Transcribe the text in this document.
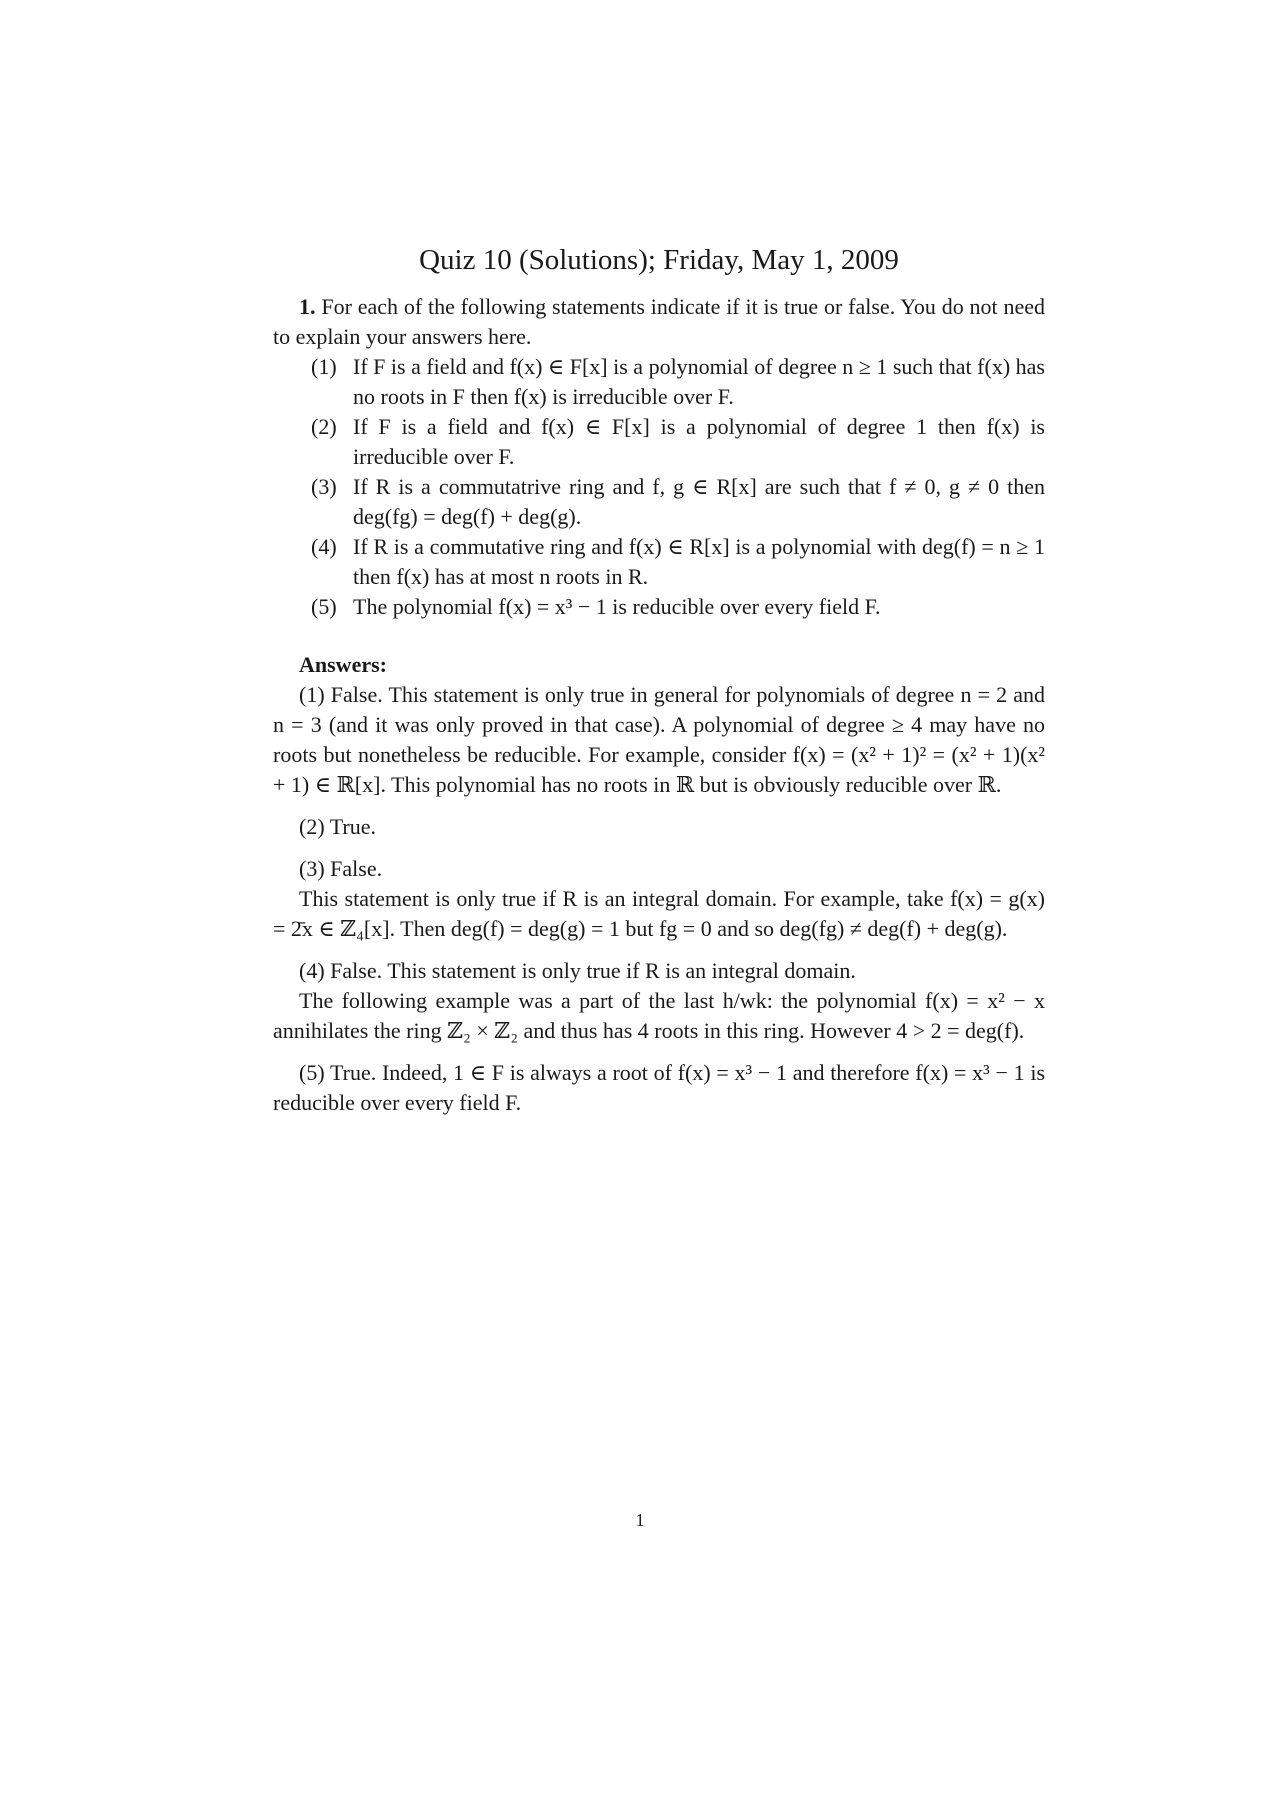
Quiz 10 (Solutions); Friday, May 1, 2009

1. For each of the following statements indicate if it is true or false. You do not need to explain your answers here.

(1) If F is a field and f(x) ∈ F[x] is a polynomial of degree n ≥ 1 such that f(x) has no roots in F then f(x) is irreducible over F.
(2) If F is a field and f(x) ∈ F[x] is a polynomial of degree 1 then f(x) is irreducible over F.
(3) If R is a commutatrive ring and f, g ∈ R[x] are such that f ≠ 0, g ≠ 0 then deg(fg) = deg(f) + deg(g).
(4) If R is a commutative ring and f(x) ∈ R[x] is a polynomial with deg(f) = n ≥ 1 then f(x) has at most n roots in R.
(5) The polynomial f(x) = x³ − 1 is reducible over every field F.

Answers:

(1) False. This statement is only true in general for polynomials of degree n = 2 and n = 3 (and it was only proved in that case). A polynomial of degree ≥ 4 may have no roots but nonetheless be reducible. For example, consider f(x) = (x² + 1)² = (x² + 1)(x² + 1) ∈ ℝ[x]. This polynomial has no roots in ℝ but is obviously reducible over ℝ.

(2) True.

(3) False.

This statement is only true if R is an integral domain. For example, take f(x) = g(x) = 2̄x ∈ ℤ₄[x]. Then deg(f) = deg(g) = 1 but fg = 0 and so deg(fg) ≠ deg(f) + deg(g).

(4) False. This statement is only true if R is an integral domain.

The following example was a part of the last h/wk: the polynomial f(x) = x² − x annihilates the ring ℤ₂ × ℤ₂ and thus has 4 roots in this ring. However 4 > 2 = deg(f).

(5) True. Indeed, 1 ∈ F is always a root of f(x) = x³ − 1 and therefore f(x) = x³ − 1 is reducible over every field F.

1
